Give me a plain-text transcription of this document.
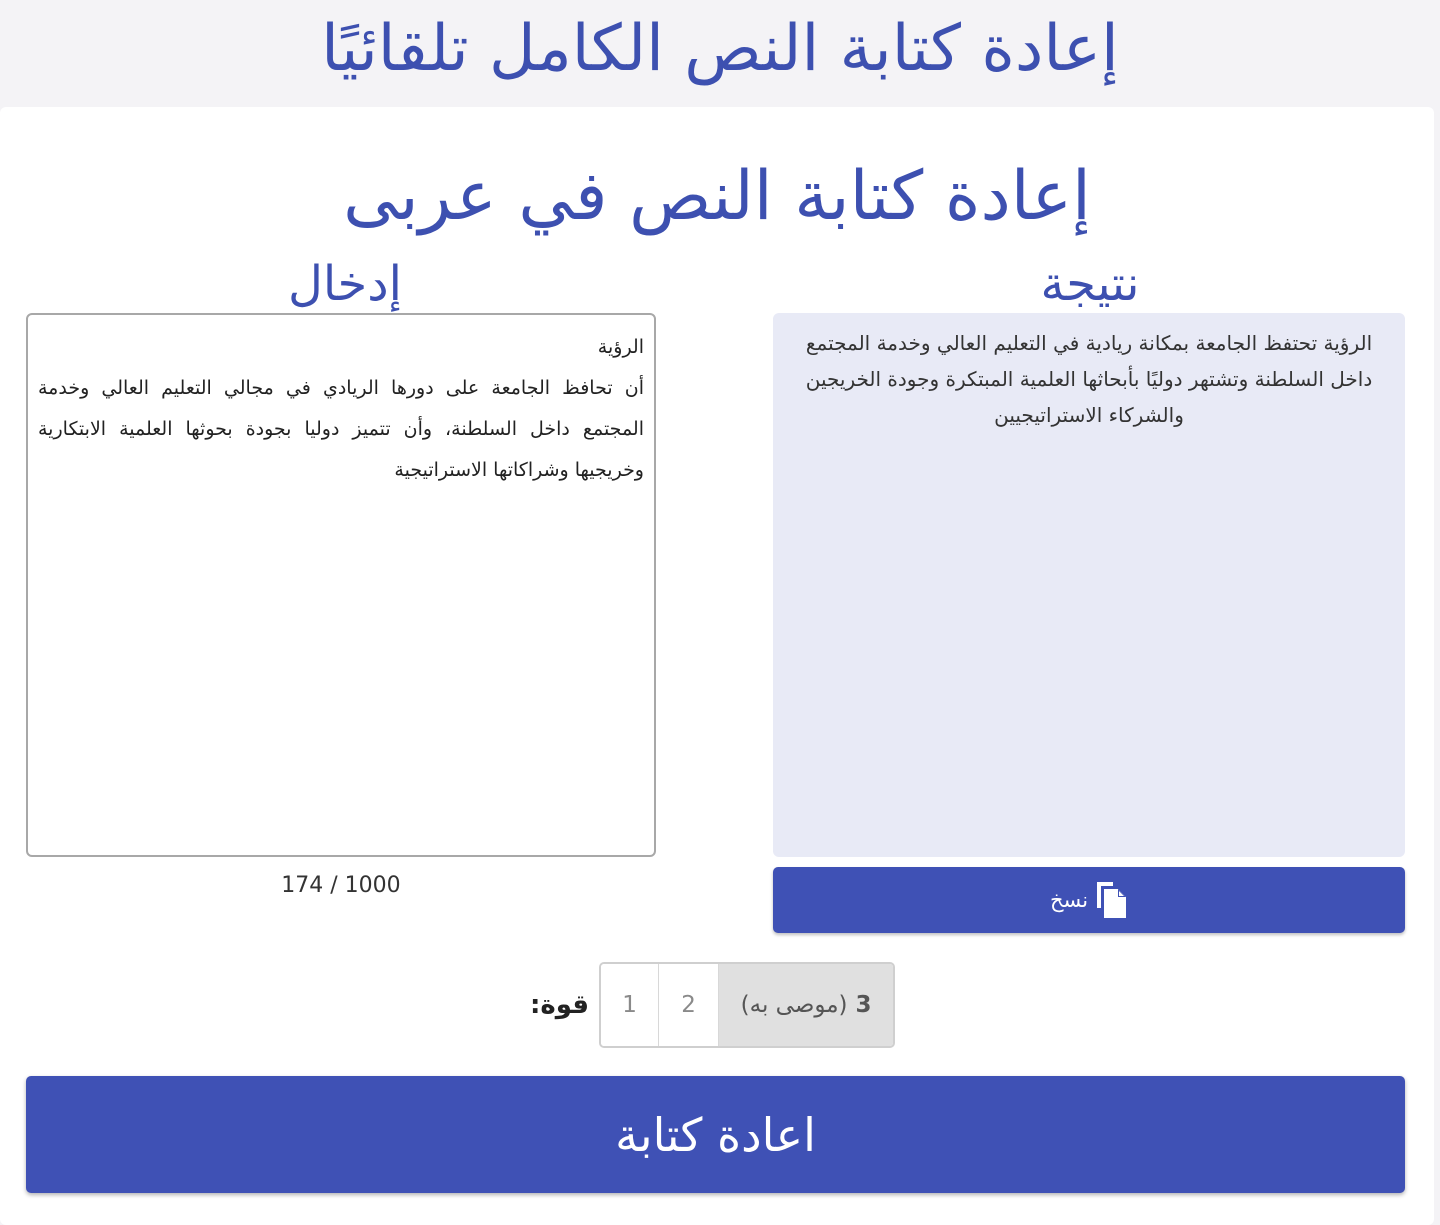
إعادة كتابة النص الكامل تلقائيًا
إعادة كتابة النص في عربى
إدخال	نتيجة
الرؤية أن تحافظ الجامعة على دورها الريادي في مجالي التعليم العالي وخدمة المجتمع داخل السلطنة، وأن تتميز دوليا بجودة بحوثها العلمية الابتكارية وخريجيها وشراكاتها الاستراتيجية
174 / 1000
الرؤية تحتفظ الجامعة بمكانة ريادية في التعليم العالي وخدمة المجتمع داخل السلطنة وتشتهر دوليًا بأبحاثها العلمية المبتكرة وجودة الخريجين والشركاء الاستراتيجيين
نسخ
:قوة 1 2	3
(موصى به)
اعادة كتابة
